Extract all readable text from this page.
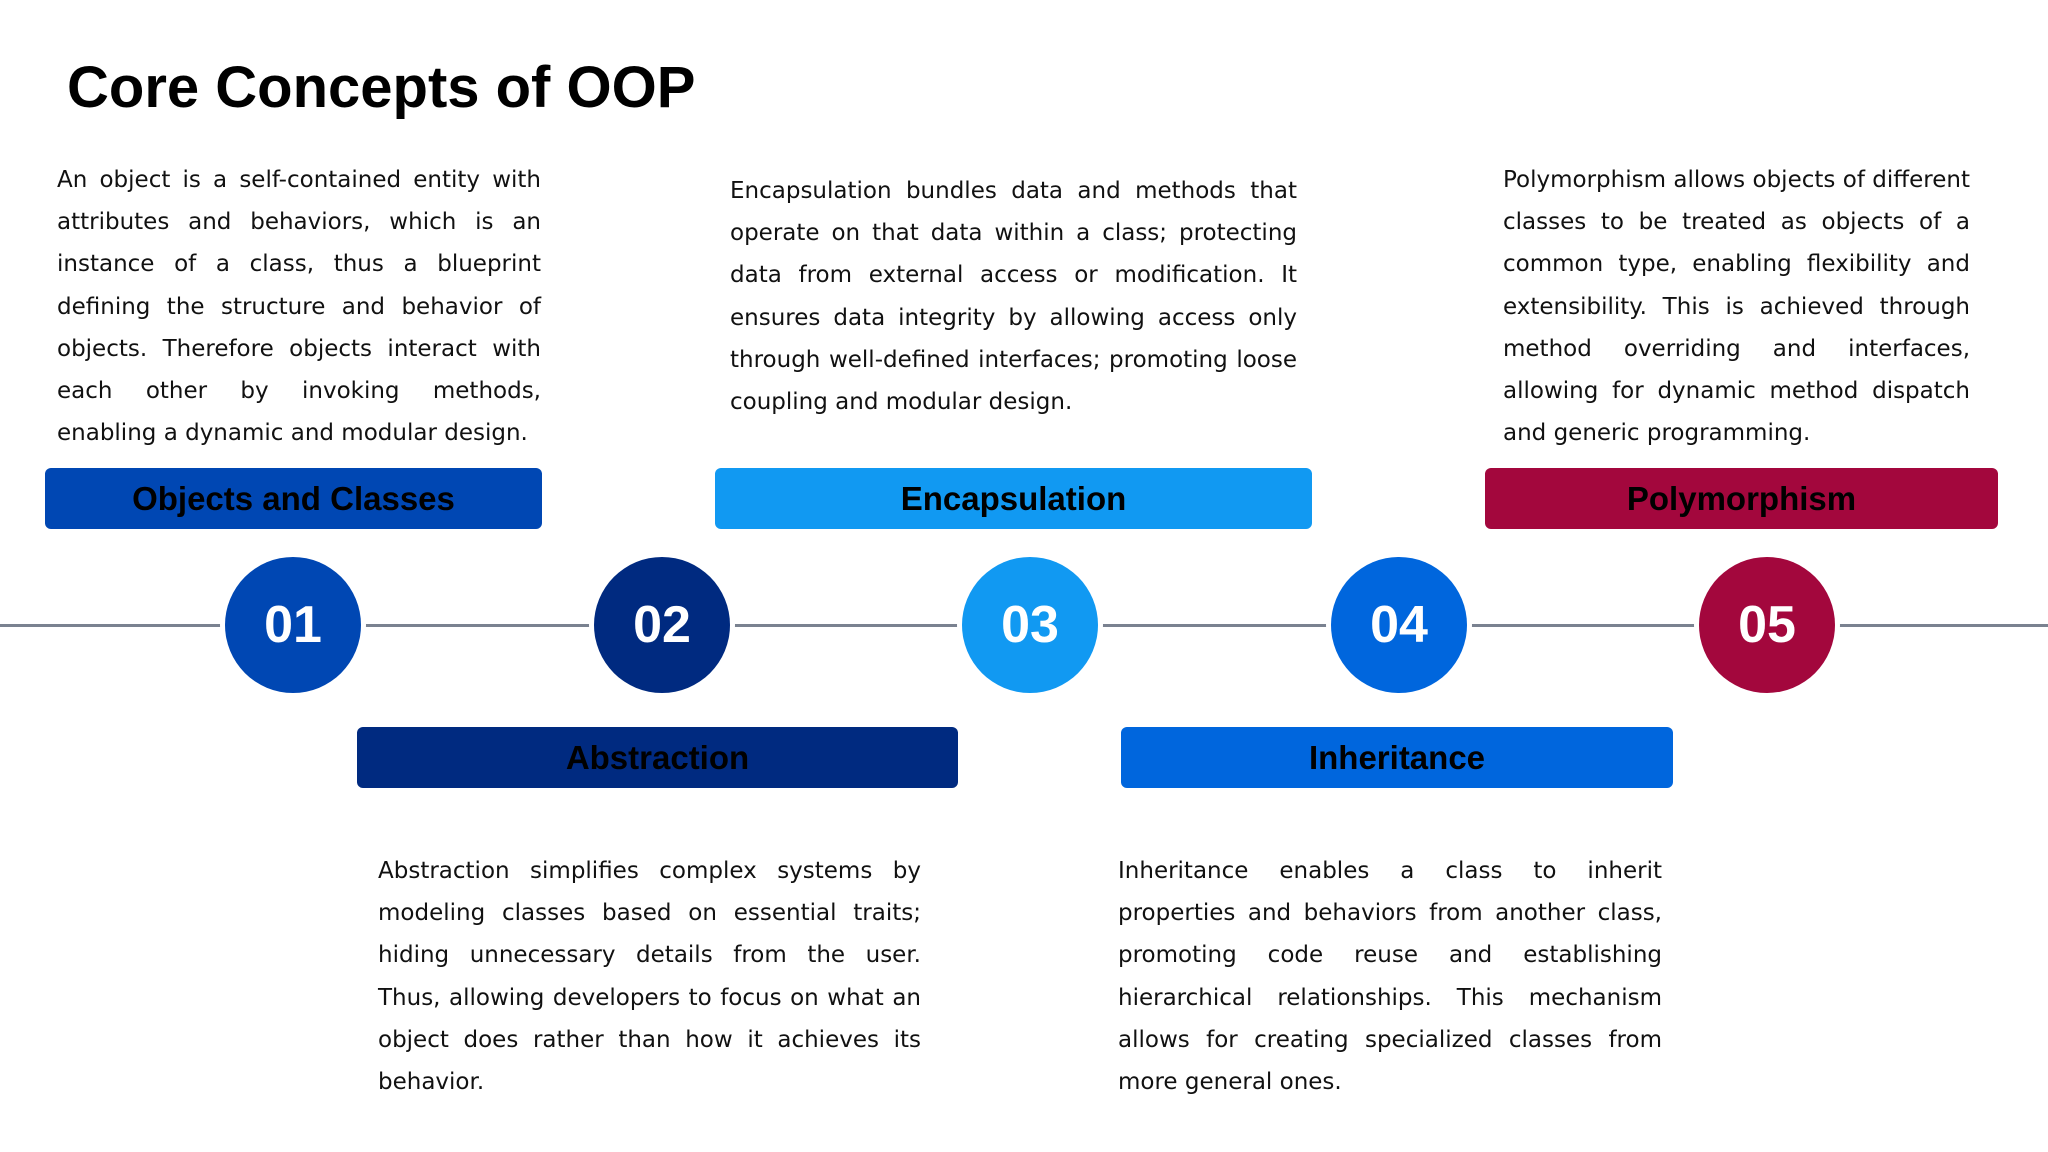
Core Concepts of OOP

An object is a self-contained entity with attributes and behaviors, which is an instance of a class, thus a blueprint defining the structure and behavior of objects. Therefore objects interact with each other by invoking methods, enabling a dynamic and modular design.

Encapsulation bundles data and methods that operate on that data within a class; protecting data from external access or modification. It ensures data integrity by allowing access only through well-defined interfaces; promoting loose coupling and modular design.

Polymorphism allows objects of different classes to be treated as objects of a common type, enabling flexibility and extensibility. This is achieved through method overriding and interfaces, allowing for dynamic method dispatch and generic programming.

Abstraction simplifies complex systems by modeling classes based on essential traits; hiding unnecessary details from the user. Thus, allowing developers to focus on what an object does rather than how it achieves its behavior.

Inheritance enables a class to inherit properties and behaviors from another class, promoting code reuse and establishing hierarchical relationships. This mechanism allows for creating specialized classes from more general ones.

Objects and Classes	Encapsulation	Polymorphism
01	02	03	04	05
Abstraction	Inheritance
